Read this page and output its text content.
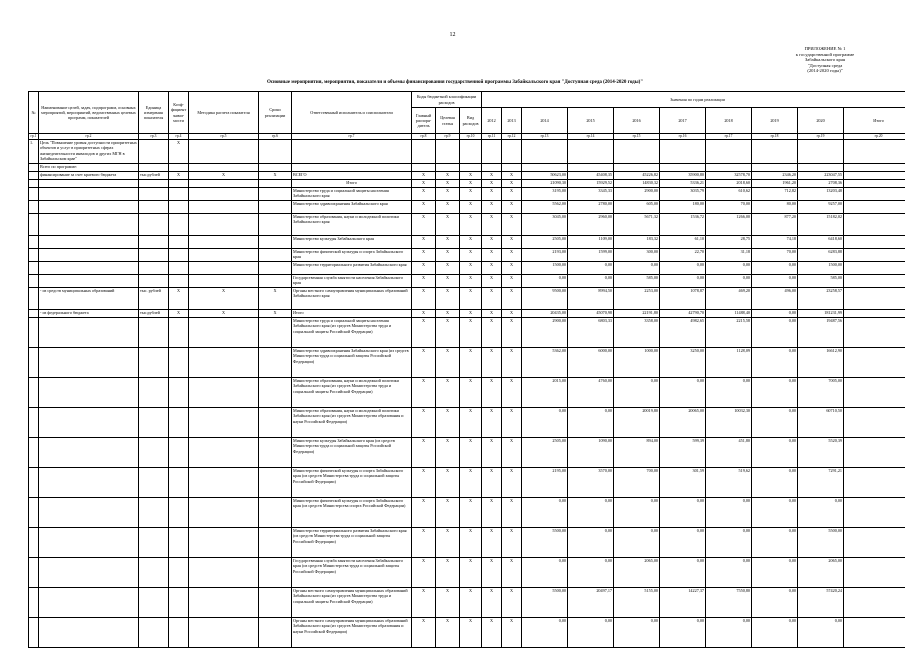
12
ПРИЛОЖЕНИЕ № 1
к государственной программе
Забайкальского края
"Доступная среда
(2014-2020 годы)"
Основные мероприятия, мероприятия, показатели и объемы финансирования государственной программы Забайкальского края "Доступная среда (2014-2020 годы)"
№	Наименование целей, задач, подпрограмм, основных мероприятий, мероприятий, ведомственных целевых программ, показателей	Единица измерения показателя	Коэф-фициент значи-мости	Методика расчета показателя	Сроки реализации	Ответственный исполнитель и соисполнители	Коды бюджетной классификации расходов			Значения по годам реализации									
							Главный распоря-дитель	Целевая статья	Вид расходов	2012	2013	2014	2015	2016	2017	2018	2019	2020	Итого
гр.1	гр.2	гр.3	гр.4	гр.5	гр.6	гр.7	гр.8	гр.9	гр.10	гр.11	гр.12	гр.13	гр.14	гр.15	гр.16	гр.17	гр.18	гр.19	гр.20
1.	Цель "Повышение уровня доступности приоритетных объектов и услуг в приоритетных сферах жизнедеятельности инвалидов и других МГН в Забайкальском крае"		X																
	Всего по программе:																		
	финансирование за счет краевого бюджета	тыс.рублей	X	X	X	ВСЕГО	X	X	X	X	X	50623,00	45408,35	45226,82	35900,80	32578,70	2346,20	223047,55	
						Итого	X	X	X	X	X	21090,30	15929,52	14830,32	5336,21	2018,60	1961,20	2708,36	
						Министерство труда и социальной защиты населения Забайкальского края	X	X	X	X	X	3195,00	3345,33	2900,00	3035,79	610,62	712,82	13203,48	
						Министерство здравоохранения Забайкальского края	X	X	X	X	X	5562,00	2780,00	605,00	180,00	70,00	80,00	9257,00	
						Министерство образования, науки и молодежной политики Забайкальского края	X	X	X	X	X	3045,00	2960,00	5671,32	1536,72	1266,00	877,20	15182,02	
						Министерство культуры Забайкальского края	X	X	X	X	X	2505,00	1109,00	183,32	61,10	28,75	74,18	6418,60	
						Министерство физической культуры и спорта Забайкальского края	X	X	X	X	X	2193,00	1599,00	300,00	22,70	31,18	70,00	6283,88	
						Министерство территориального развития Забайкальского края	X	X	X	X	X	1500,00	0,00	0,00	0,00	0,00	0,00	1500,00	
						Государственная служба занятости населения Забайкальского края	X	X	X	X	X	0,00	0,00	585,00	0,00	0,00	0,00	585,00	
	- из средств муниципальных образований	тыс. рублей	X	X	X	Органы местного самоуправления муниципальных образований Забайкальского края	X	X	X	X	X	9500,00	8994,50	2253,00	1078,87	469,20	496,00	23258,57	
	- из федерального бюджета	тыс.рублей	X	X	X	Итого	X	X	X	X	X	20435,00	45070,98	22191,80	42790,70	11488,40	0,00	181231,99	
						Министерство труда и социальной защиты населения Забайкальского края (из средств Министерства труда и социальной защиты Российской Федерации)	X	X	X	X	X	2900,00	6803,33	3358,00	4982,65	2215,58	0,00	19487,56	
						Министерство здравоохранения Забайкальского края (из средств Министерства труда и социальной защиты Российской Федерации)	X	X	X	X	X	5362,00	6000,00	1000,00	3250,00	1128,09	0,00	16612,90	
						Министерство образования, науки и молодежной политики Забайкальского края (из средств Министерства труда и социальной защиты Российской Федерации)	X	X	X	X	X	2015,00	4760,00	0,00	0,00	0,00	0,00	7005,00	
						Министерство образования, науки и молодежной политики Забайкальского края (из средств Министерства образования и науки Российской Федерации)	X	X	X	X	X	0,00	0,00	20019,80	20065,00	10032,30	0,00	60710,50	
						Министерство культуры Забайкальского края (из средств Министерства труда и социальной защиты Российской Федерации)	X	X	X	X	X	2505,00	1090,00	894,00	599,39	451,80	0,00	5520,39	
						Министерство физической культуры и спорта Забайкальского края (из средств Министерства труда и социальной защиты Российской Федерации)	X	X	X	X	X	2195,00	3570,00	700,00	301,59	519,62	0,00	7291,21	
						Министерство физической культуры и спорта Забайкальского края (из средств Министерства спорта Российской Федерации)	X	X	X	X	X	0,00	0,00	0,00	0,00	0,00	0,00	0,00	
						Министерство территориального развития Забайкальского края (из средств Министерства труда и социальной защиты Российской Федерации)	X	X	X	X	X	5500,00	0,00	0,00	0,00	0,00	0,00	5500,00	
						Государственная служба занятости населения Забайкальского края (из средств Министерства труда и социальной защиты Российской Федерации)	X	X	X	X	X	0,00	0,00	2065,00	0,00	0,00	0,00	2065,00	
						Органы местного самоуправления муниципальных образований Забайкальского края (из средств Министерства труда и социальной защиты Российской Федерации)	X	X	X	X	X	5500,00	20497,17	5155,00	14227,37	7550,80	0,00	57420,24	
						Органы местного самоуправления муниципальных образований Забайкальского края (из средств Министерства образования и науки Российской Федерации)	X	X	X	X	X	0,00	0,00	0,00	0,00	0,00	0,00	0,00	
